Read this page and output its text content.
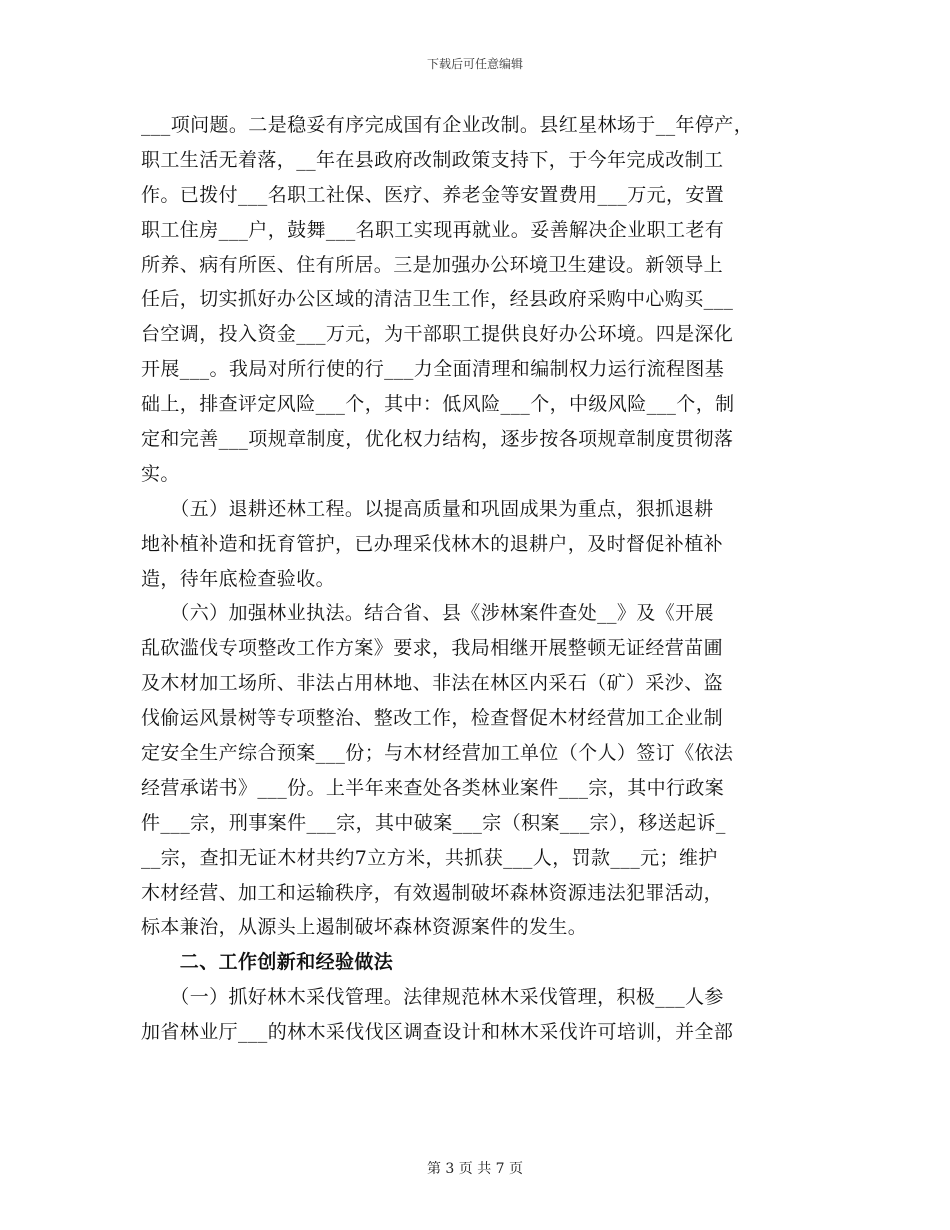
下载后可任意编辑
___项问题。二是稳妥有序完成国有企业改制。县红星林场于__年停产，
职工生活无着落，__年在县政府改制政策支持下，于今年完成改制工
作。已拨付___名职工社保、医疗、养老金等安置费用___万元，安置
职工住房___户，鼓舞___名职工实现再就业。妥善解决企业职工老有
所养、病有所医、住有所居。三是加强办公环境卫生建设。新领导上
任后，切实抓好办公区域的清洁卫生工作，经县政府采购中心购买___
台空调，投入资金___万元，为干部职工提供良好办公环境。四是深化
开展___。我局对所行使的行___力全面清理和编制权力运行流程图基
础上，排查评定风险___个，其中：低风险___个，中级风险___个，制
定和完善___项规章制度，优化权力结构，逐步按各项规章制度贯彻落
实。
　　（五）退耕还林工程。以提高质量和巩固成果为重点，狠抓退耕
地补植补造和抚育管护，已办理采伐林木的退耕户，及时督促补植补
造，待年底检查验收。
　　（六）加强林业执法。结合省、县《涉林案件查处__》及《开展
乱砍滥伐专项整改工作方案》要求，我局相继开展整顿无证经营苗圃
及木材加工场所、非法占用林地、非法在林区内采石（矿）采沙、盗
伐偷运风景树等专项整治、整改工作，检查督促木材经营加工企业制
定安全生产综合预案___份；与木材经营加工单位（个人）签订《依法
经营承诺书》___份。上半年来查处各类林业案件___宗，其中行政案
件___宗，刑事案件___宗，其中破案___宗（积案___宗），移送起诉_
__宗，查扣无证木材共约7立方米，共抓获___人，罚款___元；维护
木材经营、加工和运输秩序，有效遏制破坏森林资源违法犯罪活动，
标本兼治，从源头上遏制破坏森林资源案件的发生。
　　二、工作创新和经验做法
　　（一）抓好林木采伐管理。法律规范林木采伐管理，积极___人参
加省林业厅___的林木采伐伐区调查设计和林木采伐许可培训，并全部
第 3 页 共 7 页
